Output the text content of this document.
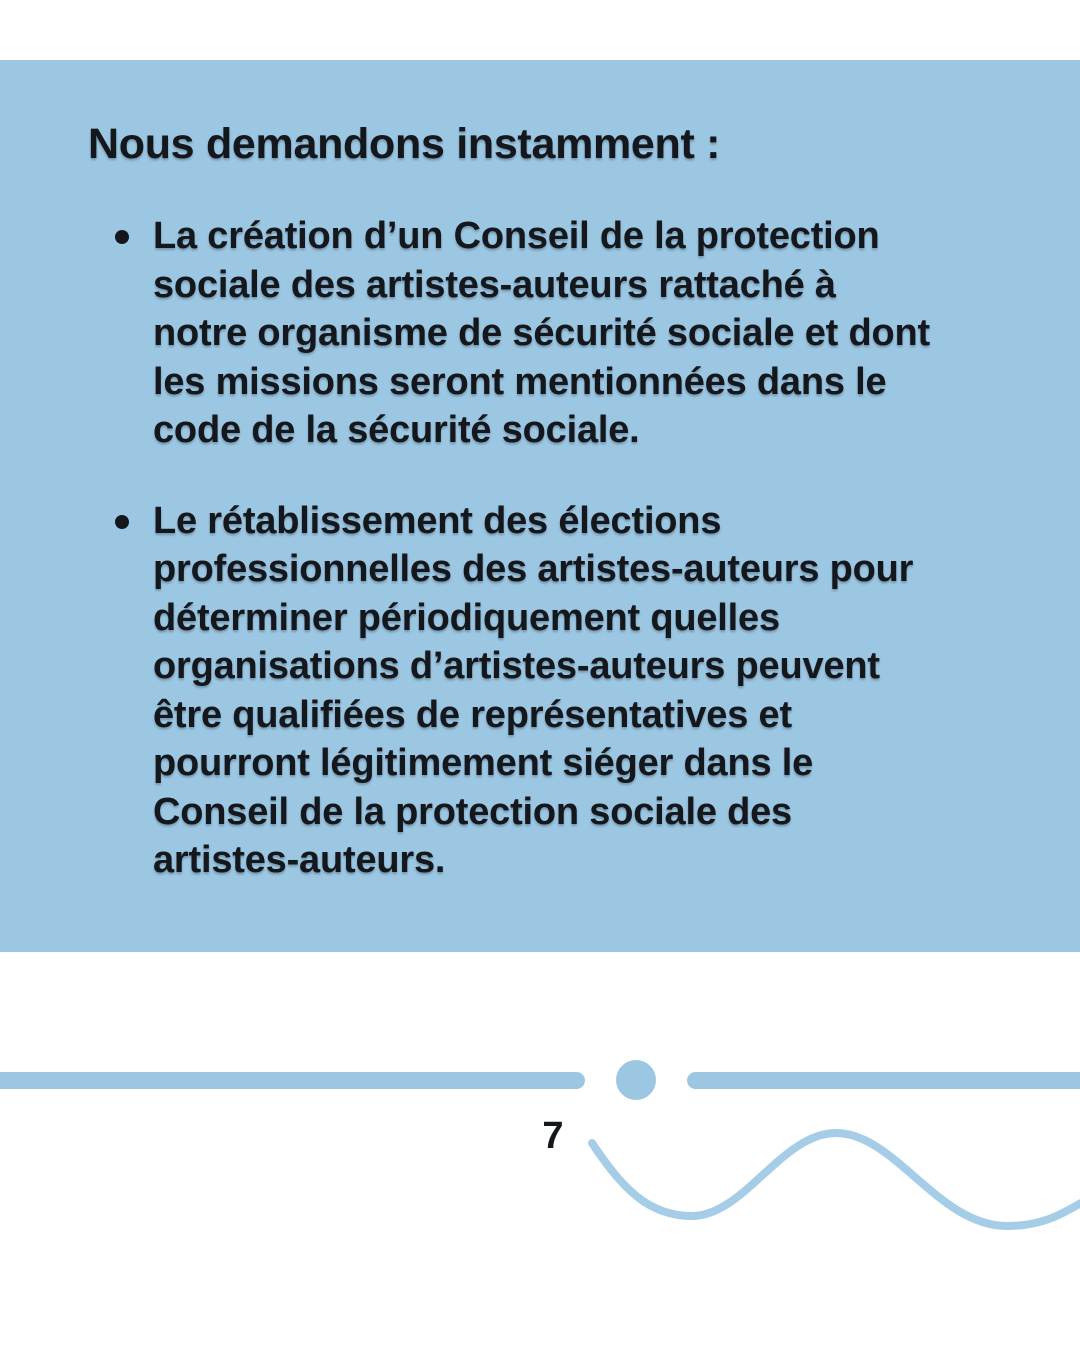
Nous demandons instamment :
La création d’un Conseil de la protection
sociale des artistes-auteurs rattaché à
notre organisme de sécurité sociale et dont
les missions seront mentionnées dans le
code de la sécurité sociale.
Le rétablissement des élections
professionnelles des artistes-auteurs pour
déterminer périodiquement quelles
organisations d’artistes-auteurs peuvent
être qualifiées de représentatives et
pourront légitimement siéger dans le
Conseil de la protection sociale des
artistes-auteurs.
7
